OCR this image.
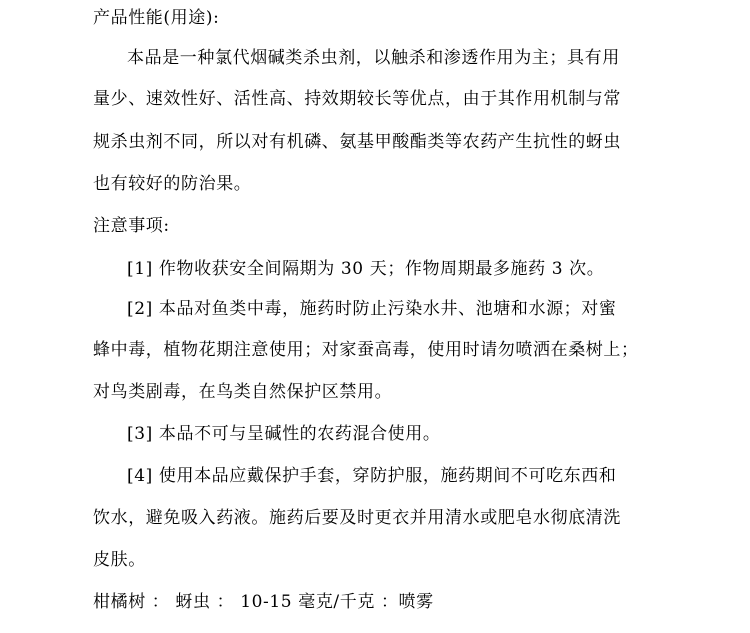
产品性能(用途):
本品是一种氯代烟碱类杀虫剂，以触杀和渗透作用为主；具有用
量少、速效性好、活性高、持效期较长等优点，由于其作用机制与常
规杀虫剂不同，所以对有机磷、氨基甲酸酯类等农药产生抗性的蚜虫
也有较好的防治果。
注意事项:
[1] 作物收获安全间隔期为 30 天；作物周期最多施药 3 次。
[2] 本品对鱼类中毒，施药时防止污染水井、池塘和水源；对蜜
蜂中毒，植物花期注意使用；对家蚕高毒，使用时请勿喷洒在桑树上；
对鸟类剧毒，在鸟类自然保护区禁用。
[3] 本品不可与呈碱性的农药混合使用。
[4] 使用本品应戴保护手套，穿防护服，施药期间不可吃东西和
饮水，避免吸入药液。施药后要及时更衣并用清水或肥皂水彻底清洗
皮肤。
柑橘树 ： 蚜虫 ： 10-15 毫克/千克 ：喷雾
